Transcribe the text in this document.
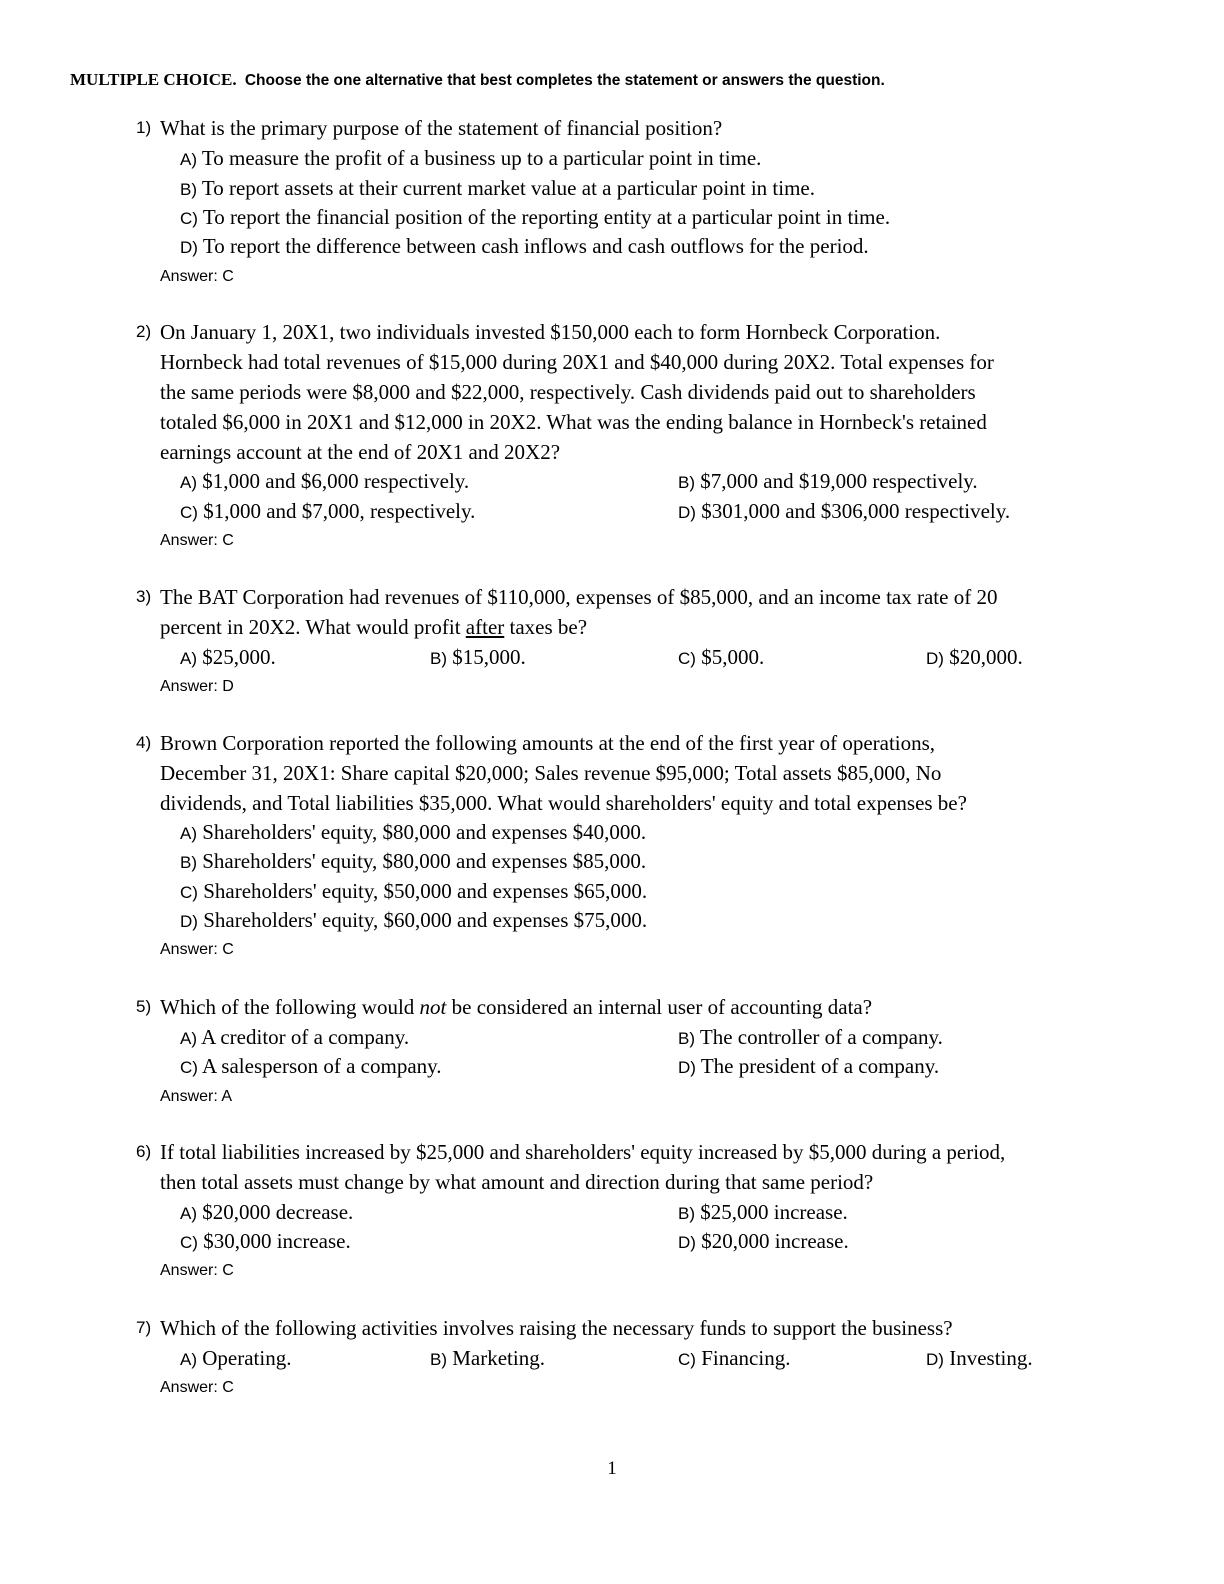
MULTIPLE CHOICE. Choose the one alternative that best completes the statement or answers the question.
1) What is the primary purpose of the statement of financial position?
A) To measure the profit of a business up to a particular point in time.
B) To report assets at their current market value at a particular point in time.
C) To report the financial position of the reporting entity at a particular point in time.
D) To report the difference between cash inflows and cash outflows for the period.
Answer: C
2) On January 1, 20X1, two individuals invested $150,000 each to form Hornbeck Corporation.
Hornbeck had total revenues of $15,000 during 20X1 and $40,000 during 20X2. Total expenses for
the same periods were $8,000 and $22,000, respectively. Cash dividends paid out to shareholders
totaled $6,000 in 20X1 and $12,000 in 20X2. What was the ending balance in Hornbeck's retained
earnings account at the end of 20X1 and 20X2?
A) $1,000 and $6,000 respectively.	B) $7,000 and $19,000 respectively.
C) $1,000 and $7,000, respectively.	D) $301,000 and $306,000 respectively.
Answer: C
3) The BAT Corporation had revenues of $110,000, expenses of $85,000, and an income tax rate of 20
percent in 20X2. What would profit after taxes be?
A) $25,000.	B) $15,000.	C) $5,000.	D) $20,000.
Answer: D
4) Brown Corporation reported the following amounts at the end of the first year of operations,
December 31, 20X1: Share capital $20,000; Sales revenue $95,000; Total assets $85,000, No
dividends, and Total liabilities $35,000. What would shareholders' equity and total expenses be?
A) Shareholders' equity, $80,000 and expenses $40,000.
B) Shareholders' equity, $80,000 and expenses $85,000.
C) Shareholders' equity, $50,000 and expenses $65,000.
D) Shareholders' equity, $60,000 and expenses $75,000.
Answer: C
5) Which of the following would not be considered an internal user of accounting data?
A) A creditor of a company.	B) The controller of a company.
C) A salesperson of a company.	D) The president of a company.
Answer: A
6) If total liabilities increased by $25,000 and shareholders' equity increased by $5,000 during a period,
then total assets must change by what amount and direction during that same period?
A) $20,000 decrease.	B) $25,000 increase.
C) $30,000 increase.	D) $20,000 increase.
Answer: C
7) Which of the following activities involves raising the necessary funds to support the business?
A) Operating.	B) Marketing.	C) Financing.	D) Investing.
Answer: C
1
